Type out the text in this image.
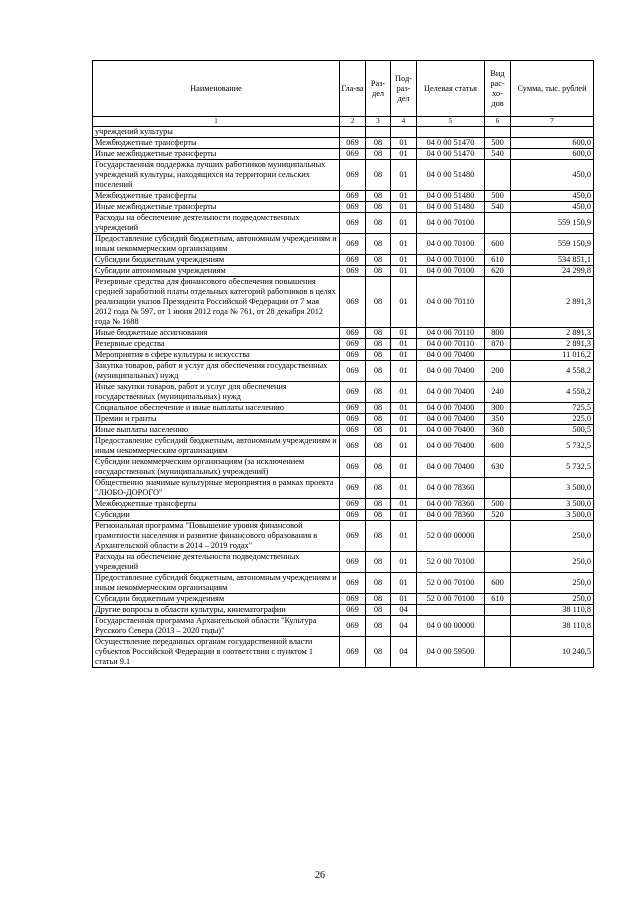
Наименование	Гла-ва	Раз-дел	Под-раз-дел	Целевая статья	Вид рас-хо-дов	Сумма, тыс. рублей
1	2	3	4	5	6	7
учреждений культуры						
Межбюджетные трансферты	069	08	01	04 0 00 51470	500	600,0
Иные межбюджетные трансферты	069	08	01	04 0 00 51470	540	600,0
Государственная поддержка лучших работников муниципальных учреждений культуры, находящихся на территории сельских поселений	069	08	01	04 0 00 51480		450,0
Межбюджетные трансферты	069	08	01	04 0 00 51480	500	450,0
Иные межбюджетные трансферты	069	08	01	04 0 00 51480	540	450,0
Расходы на обеспечение деятельности подведомственных учреждений	069	08	01	04 0 00 70100		559 150,9
Предоставление субсидий бюджетным, автономным учреждениям и иным некоммерческим организациям	069	08	01	04 0 00 70100	600	559 150,9
Субсидии бюджетным учреждениям	069	08	01	04 0 00 70100	610	534 851,1
Субсидии автономным учреждениям	069	08	01	04 0 00 70100	620	24 299,8
Резервные средства для финансового обеспечения повышения средней заработной платы отдельных категорий работников в целях реализации указов Президента Российской Федерации от 7 мая 2012 года № 597, от 1 июня 2012 года № 761, от 28 декабря 2012 года № 1688	069	08	01	04 0 00 70110		2 891,3
Иные бюджетные ассигнования	069	08	01	04 0 00 70110	800	2 891,3
Резервные средства	069	08	01	04 0 00 70110	870	2 891,3
Мероприятия в сфере культуры и искусства	069	08	01	04 0 00 70400		11 016,2
Закупка товаров, работ и услуг для обеспечения государственных (муниципальных) нужд	069	08	01	04 0 00 70400	200	4 558,2
Иные закупки товаров, работ и услуг для обеспечения государственных (муниципальных) нужд	069	08	01	04 0 00 70400	240	4 558,2
Социальное обеспечение и иные выплаты населению	069	08	01	04 0 00 70400	300	725,5
Премии и гранты	069	08	01	04 0 00 70400	350	225,0
Иные выплаты населению	069	08	01	04 0 00 70400	360	500,5
Предоставление субсидий бюджетным, автономным учреждениям и иным некоммерческим организациям	069	08	01	04 0 00 70400	600	5 732,5
Субсидии некоммерческим организациям (за исключением государственных (муниципальных) учреждений)	069	08	01	04 0 00 70400	630	5 732,5
Общественно значимые культурные мероприятия в рамках проекта "ЛЮБО-ДОРОГО"	069	08	01	04 0 00 78360		3 500,0
Межбюджетные трансферты	069	08	01	04 0 00 78360	500	3 500,0
Субсидии	069	08	01	04 0 00 78360	520	3 500,0
Региональная программа "Повышение уровня финансовой грамотности населения и развитие финансового образования в Архангельской области в 2014 – 2019 годах"	069	08	01	52 0 00 00000		250,0
Расходы на обеспечение деятельности подведомственных учреждений	069	08	01	52 0 00 70100		250,0
Предоставление субсидий бюджетным, автономным учреждениям и иным некоммерческим организациям	069	08	01	52 0 00 70100	600	250,0
Субсидии бюджетным учреждениям	069	08	01	52 0 00 70100	610	250,0
Другие вопросы в области культуры, кинематографии	069	08	04			38 110,8
Государственная программа Архангельской области "Культура Русского Севера (2013 – 2020 годы)"	069	08	04	04 0 00 00000		38 110,8
Осуществление переданных органам государственной власти субъектов Российской Федерации в соответствии с пунктом 1 статьи 9.1	069	08	04	04 0 00 59500		10 240,5
26
